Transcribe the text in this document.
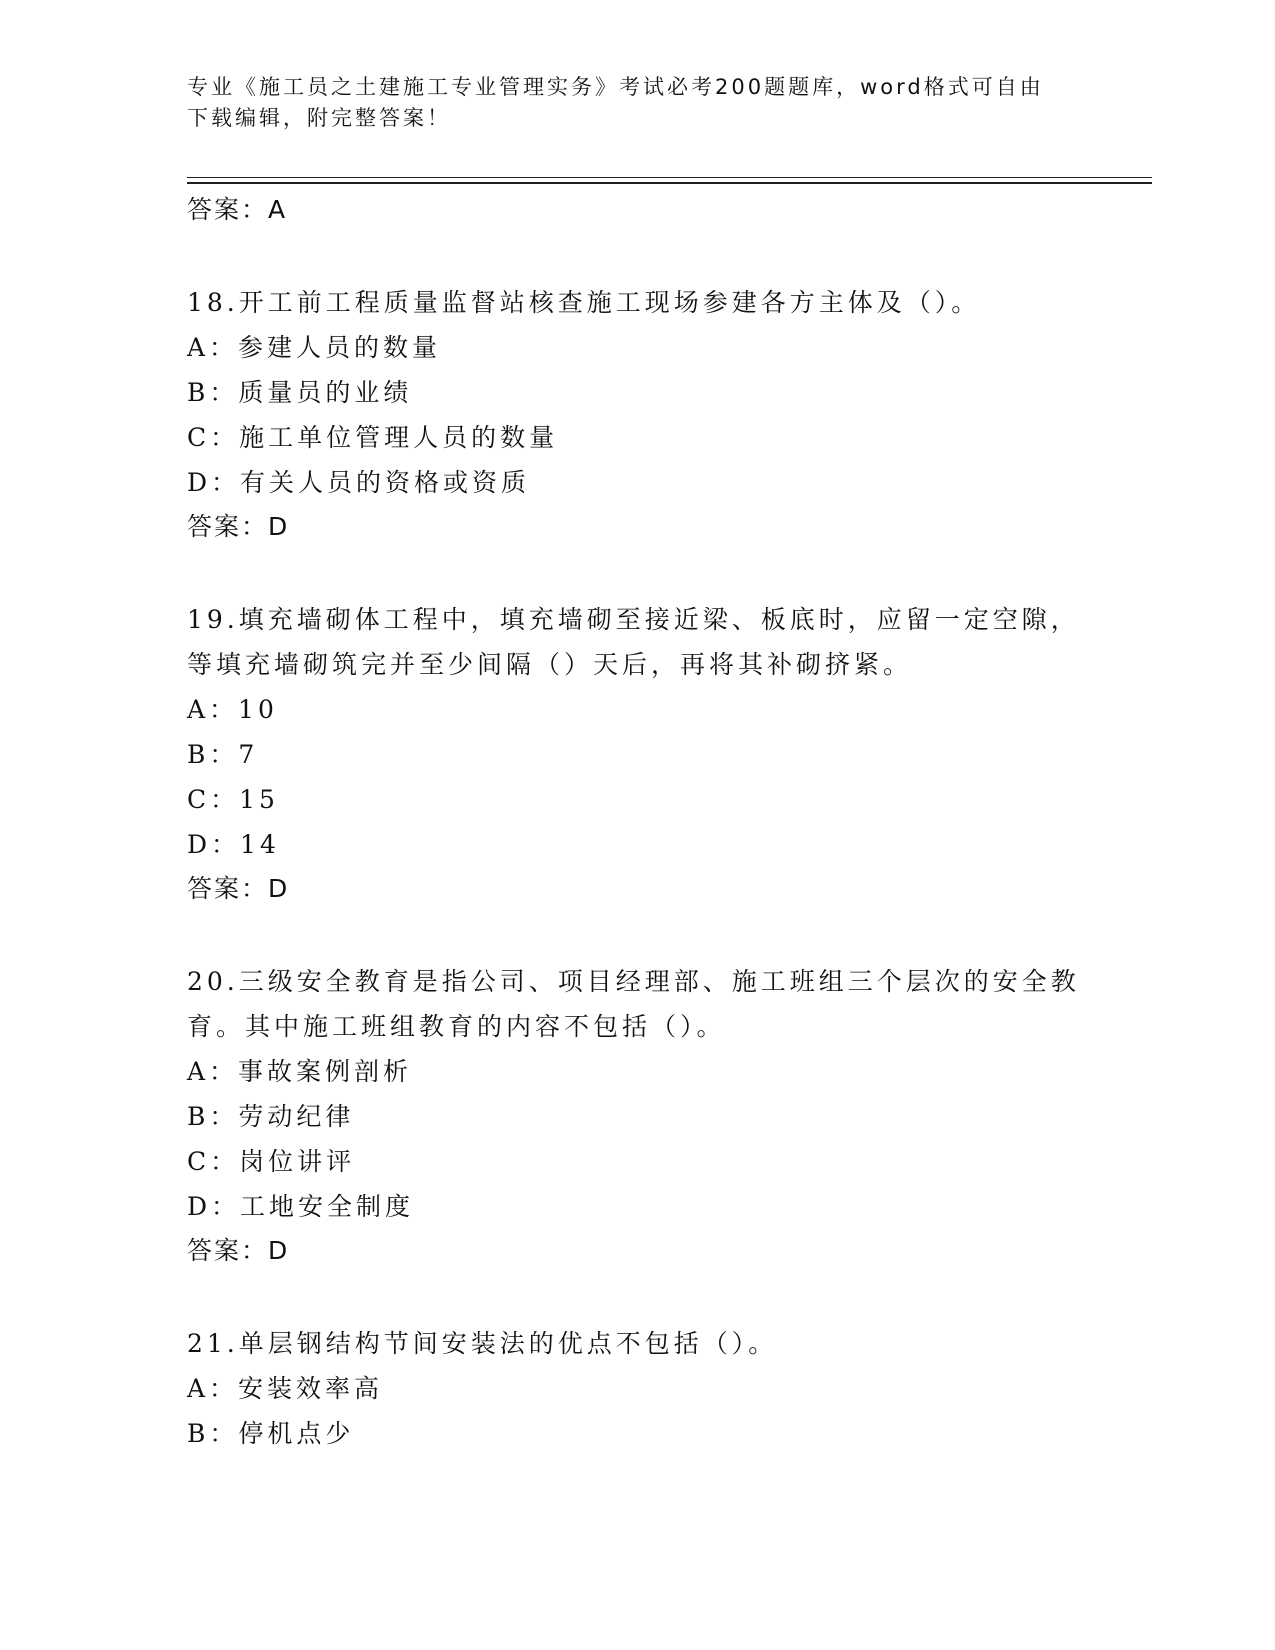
专业《施工员之土建施工专业管理实务》考试必考200题题库，word格式可自由
下载编辑，附完整答案！
答案：A
18.开工前工程质量监督站核查施工现场参建各方主体及（）。
A：参建人员的数量
B：质量员的业绩
C：施工单位管理人员的数量
D：有关人员的资格或资质
答案：D
19.填充墙砌体工程中，填充墙砌至接近梁、板底时，应留一定空隙，等填充墙砌筑完并至少间隔（）天后，再将其补砌挤紧。
A：10
B：7
C：15
D：14
答案：D
20.三级安全教育是指公司、项目经理部、施工班组三个层次的安全教育。其中施工班组教育的内容不包括（）。
A：事故案例剖析
B：劳动纪律
C：岗位讲评
D：工地安全制度
答案：D
21.单层钢结构节间安装法的优点不包括（）。
A：安装效率高
B：停机点少
